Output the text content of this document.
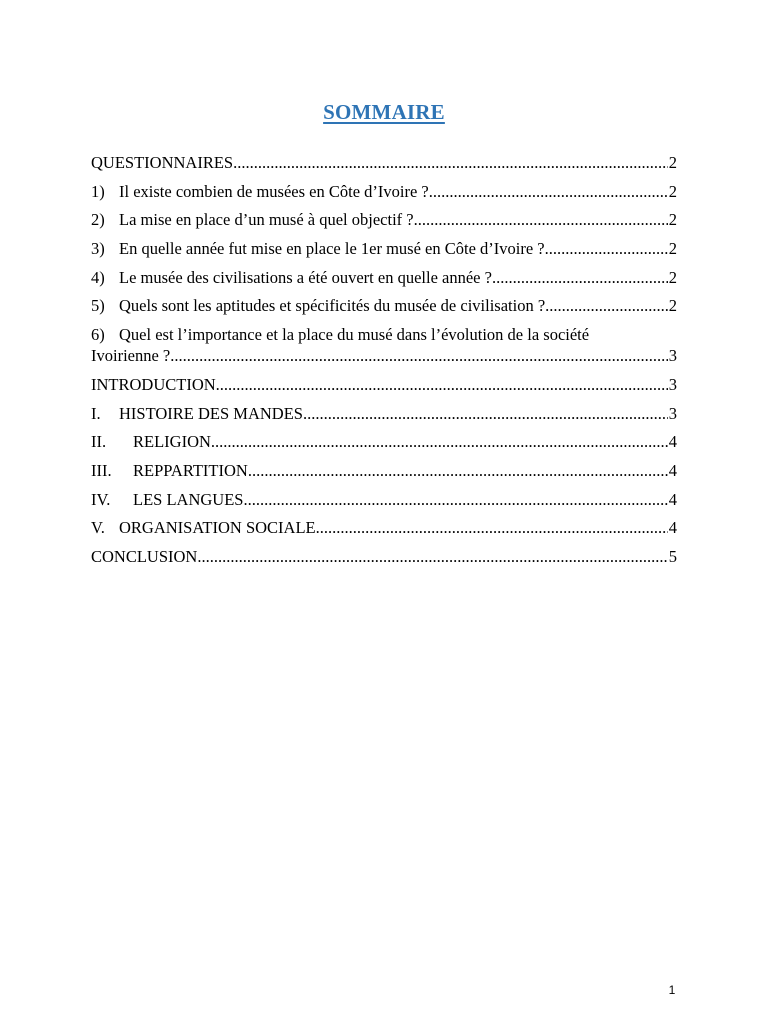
SOMMAIRE
QUESTIONNAIRES .....	2
1) Il existe combien de musées en Côte d’Ivoire ? .....	2
2) La mise en place d’un musé à quel objectif ? .....	2
3) En quelle année fut mise en place le 1er musé en Côte d’Ivoire ? .....	2
4) Le musée des civilisations a été ouvert en quelle année ? .....	2
5) Quels sont les aptitudes et spécificités du musée de civilisation ? .....	2
6) Quel est l’importance et la place du musé dans l’évolution de la société
Ivoirienne ? .....	3
INTRODUCTION .....	3
I.	HISTOIRE DES MANDES .....	3
II.	RELIGION .....	4
III.	REPPARTITION .....	4
IV.	LES LANGUES .....	4
V. ORGANISATION SOCIALE .....	4
CONCLUSION .....	5
1
